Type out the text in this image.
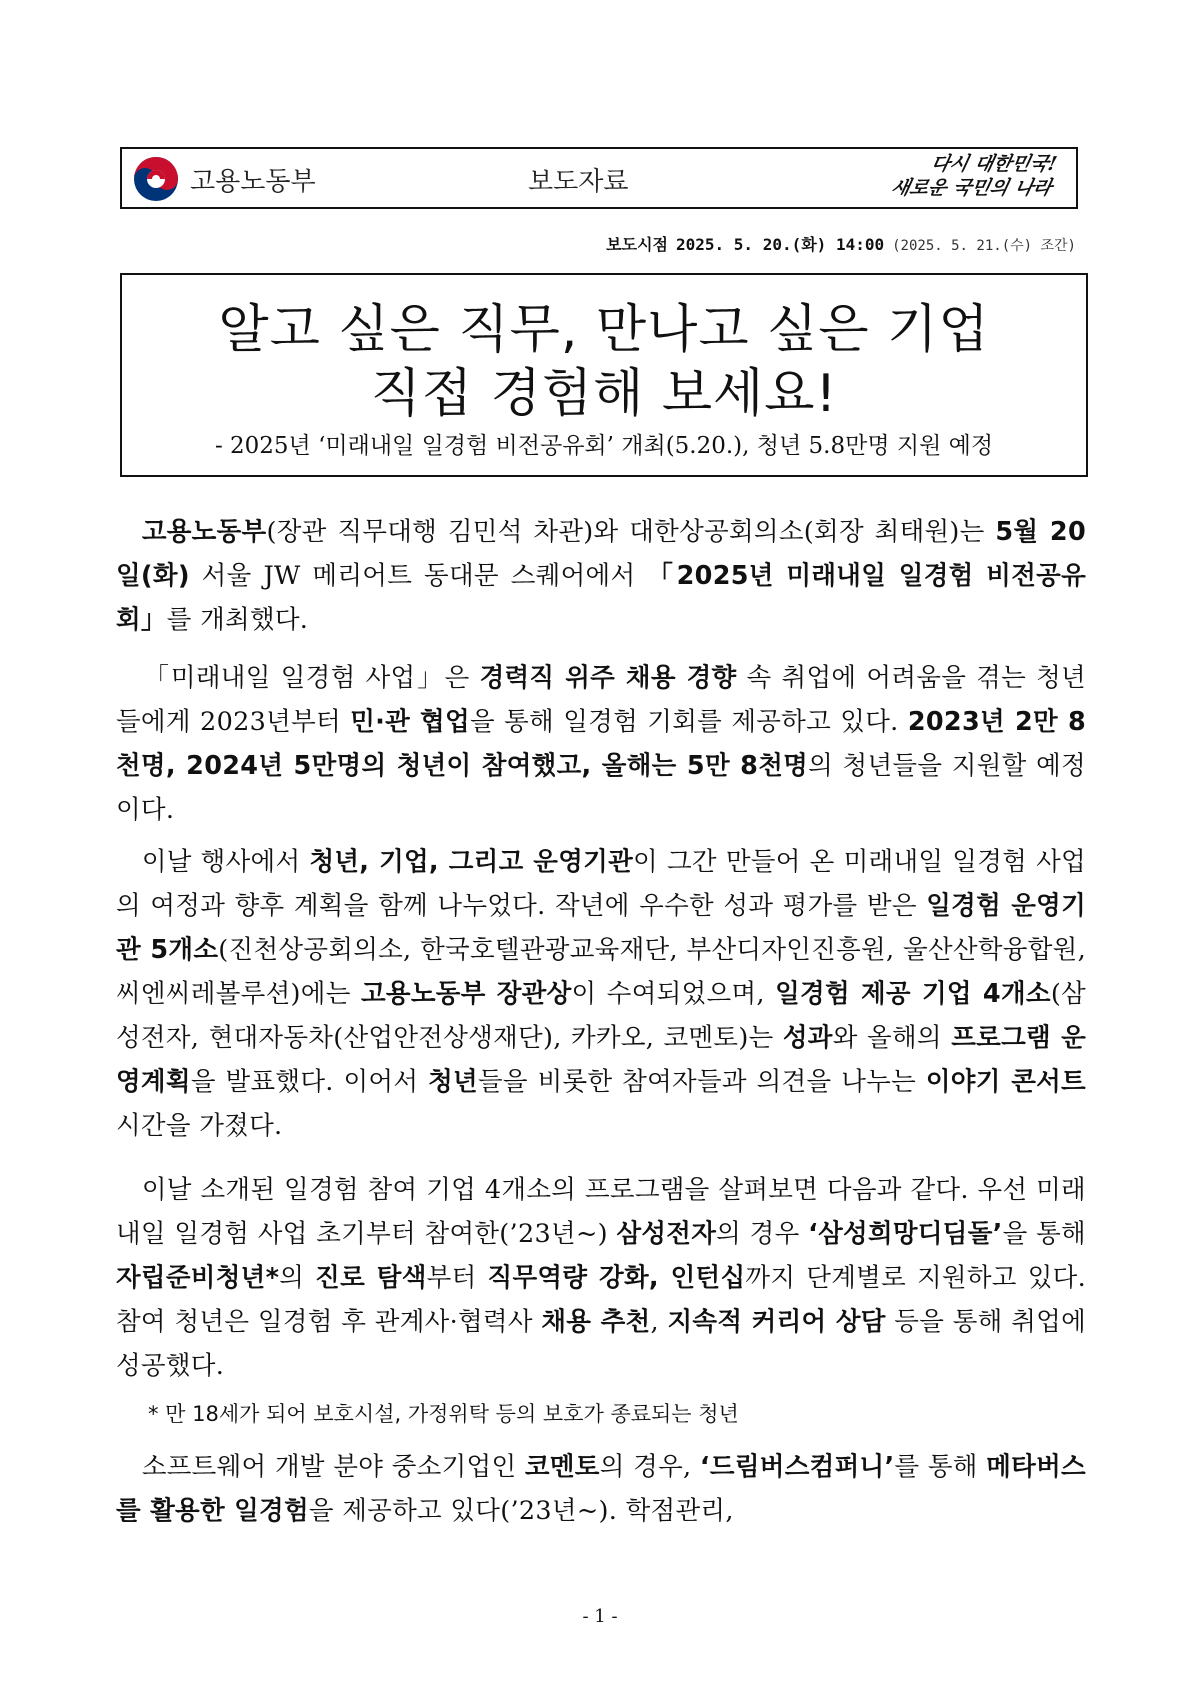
고용노동부	보도자료
다시 대한민국!
새로운 국민의 나라
보도시점 2025. 5. 20.(화) 14:00 (2025. 5. 21.(수) 조간)
알고 싶은 직무, 만나고 싶은 기업
직접 경험해 보세요!
- 2025년 ‘미래내일 일경험 비전공유회’ 개최(5.20.), 청년 5.8만명 지원 예정
 고용노동부(장관 직무대행 김민석 차관)와 대한상공회의소(회장 최태원)는 5월 20일(화) 서울 JW 메리어트 동대문 스퀘어에서 「2025년 미래내일 일경험 비전공유회」를 개최했다.
 「미래내일 일경험 사업」은 경력직 위주 채용 경향 속 취업에 어려움을 겪는 청년들에게 2023년부터 민·관 협업을 통해 일경험 기회를 제공하고 있다. 2023년 2만 8천명, 2024년 5만명의 청년이 참여했고, 올해는 5만 8천명의 청년들을 지원할 예정이다.
 이날 행사에서 청년, 기업, 그리고 운영기관이 그간 만들어 온 미래내일 일경험 사업의 여정과 향후 계획을 함께 나누었다. 작년에 우수한 성과 평가를 받은 일경험 운영기관 5개소(진천상공회의소, 한국호텔관광교육재단, 부산디자인진흥원, 울산산학융합원, 씨엔씨레볼루션)에는 고용노동부 장관상이 수여되었으며, 일경험 제공 기업 4개소(삼성전자, 현대자동차(산업안전상생재단), 카카오, 코멘토)는 성과와 올해의 프로그램 운영계획을 발표했다. 이어서 청년들을 비롯한 참여자들과 의견을 나누는 이야기 콘서트 시간을 가졌다.
 이날 소개된 일경험 참여 기업 4개소의 프로그램을 살펴보면 다음과 같다. 우선 미래내일 일경험 사업 초기부터 참여한(’23년~) 삼성전자의 경우 ‘삼성희망디딤돌’을 통해 자립준비청년*의 진로 탐색부터 직무역량 강화, 인턴십까지 단계별로 지원하고 있다. 참여 청년은 일경험 후 관계사·협력사 채용 추천, 지속적 커리어 상담 등을 통해 취업에 성공했다.
* 만 18세가 되어 보호시설, 가정위탁 등의 보호가 종료되는 청년
 소프트웨어 개발 분야 중소기업인 코멘토의 경우, ‘드림버스컴퍼니’를 통해 메타버스를 활용한 일경험을 제공하고 있다(’23년~). 학점관리,
- 1 -
